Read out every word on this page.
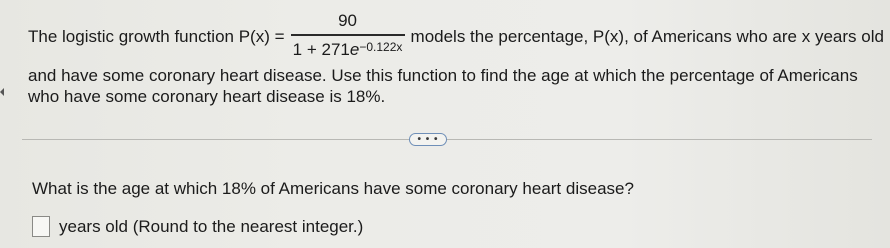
The logistic growth function $P(x) = \frac{90}{1 + 271e^{-0.122x}}$ models the percentage, P(x), of Americans who are x years old
and have some coronary heart disease. Use this function to find the age at which the percentage of Americans who have some coronary heart disease is 18%.
• • •
What is the age at which 18% of Americans have some coronary heart disease?
years old (Round to the nearest integer.)
